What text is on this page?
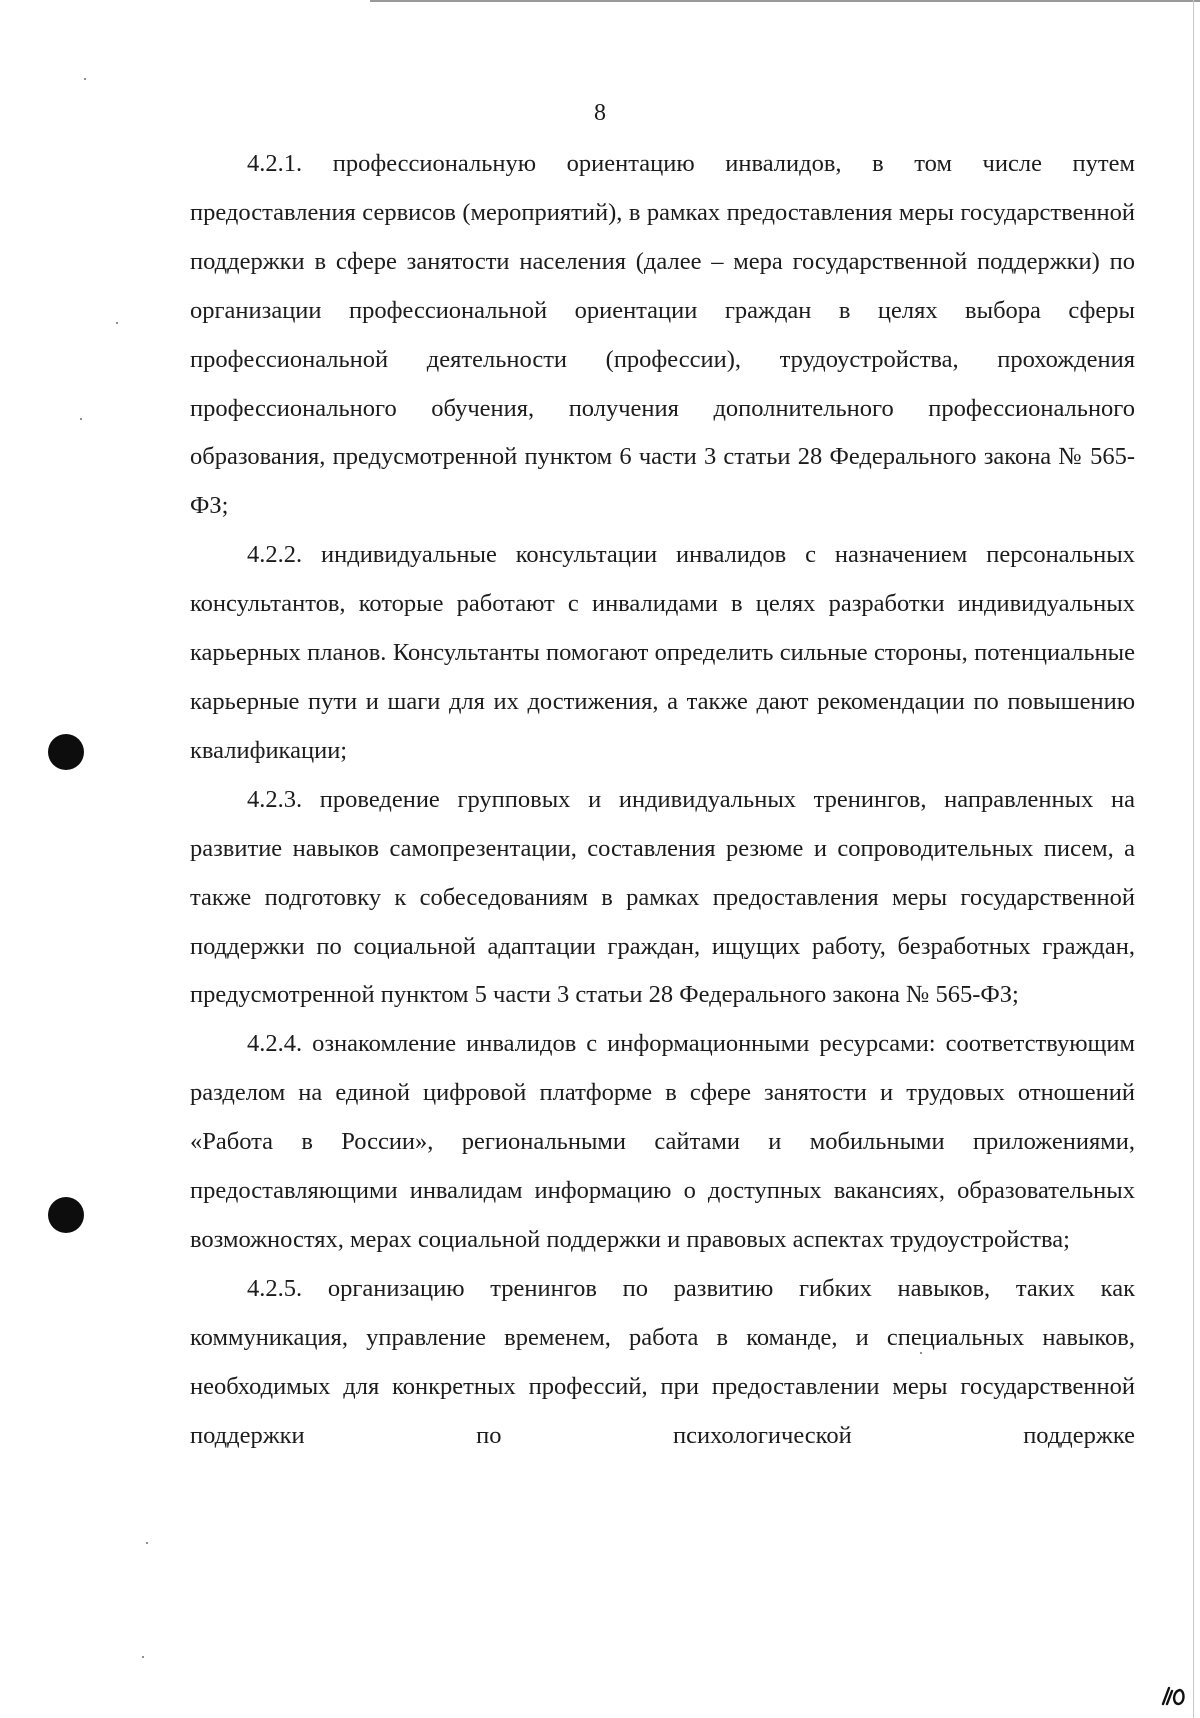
8

4.2.1. профессиональную ориентацию инвалидов, в том числе путем предоставления сервисов (мероприятий), в рамках предоставления меры государственной поддержки в сфере занятости населения (далее – мера государственной поддержки) по организации профессиональной ориентации граждан в целях выбора сферы профессиональной деятельности (профессии), трудоустройства, прохождения профессионального обучения, получения дополнительного профессионального образования, предусмотренной пунктом 6 части 3 статьи 28 Федерального закона № 565-ФЗ;

4.2.2. индивидуальные консультации инвалидов с назначением персональных консультантов, которые работают с инвалидами в целях разработки индивидуальных карьерных планов. Консультанты помогают определить сильные стороны, потенциальные карьерные пути и шаги для их достижения, а также дают рекомендации по повышению квалификации;

4.2.3. проведение групповых и индивидуальных тренингов, направленных на развитие навыков самопрезентации, составления резюме и сопроводительных писем, а также подготовку к собеседованиям в рамках предоставления меры государственной поддержки по социальной адаптации граждан, ищущих работу, безработных граждан, предусмотренной пунктом 5 части 3 статьи 28 Федерального закона № 565-ФЗ;

4.2.4. ознакомление инвалидов с информационными ресурсами: соответствующим разделом на единой цифровой платформе в сфере занятости и трудовых отношений «Работа в России», региональными сайтами и мобильными приложениями, предоставляющими инвалидам информацию о доступных вакансиях, образовательных возможностях, мерах социальной поддержки и правовых аспектах трудоустройства;

4.2.5. организацию тренингов по развитию гибких навыков, таких как коммуникация, управление временем, работа в команде, и специальных навыков, необходимых для конкретных профессий, при предоставлении меры государственной поддержки по психологической поддержке
